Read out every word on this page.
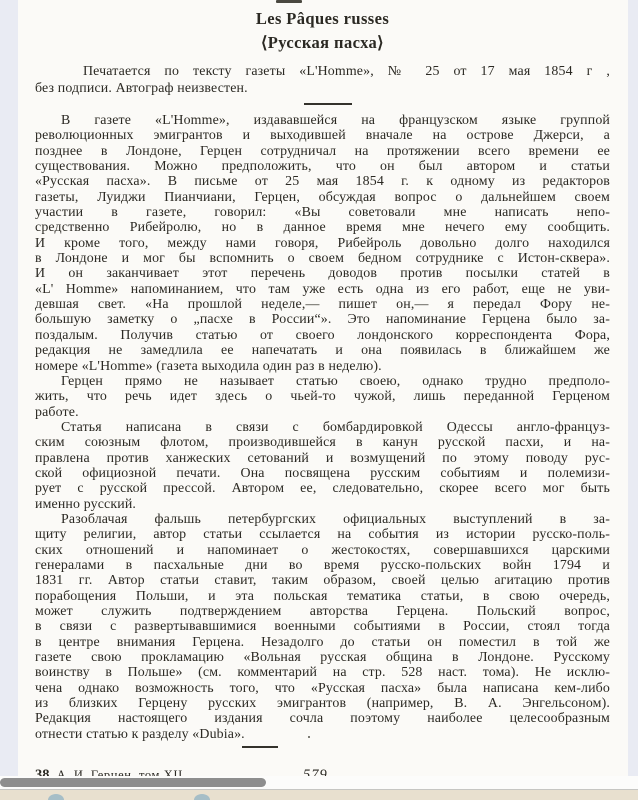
Les Pâques russes
⟨Русская пасха⟩
Печатается по тексту газеты «L'Homme», № 25 от 17 мая 1854 г ,
без подписи. Автограф неизвестен.

В газете «L'Homme», издававшейся на французском языке группой
революционных эмигрантов и выходившей вначале на острове Джерси, а
позднее в Лондоне, Герцен сотрудничал на протяжении всего времени ее
существования. Можно предположить, что он был автором и статьи
«Русская пасха». В письме от 25 мая 1854 г. к одному из редакторов
газеты, Луиджи Пианчиани, Герцен, обсуждая вопрос о дальнейшем своем
участии в газете, говорил: «Вы советовали мне написать непо-
средственно Рибейролю, но в данное время мне нечего ему сообщить.
И кроме того, между нами говоря, Рибейроль довольно долго находился
в Лондоне и мог бы вспомнить о своем бедном сотруднике с Истон-сквера».
И он заканчивает этот перечень доводов против посылки статей в
«L' Homme» напоминанием, что там уже есть одна из его работ, еще не уви-
девшая свет. «На прошлой неделе,— пишет он,— я передал Фору не-
большую заметку о „пасхе в России“». Это напоминание Герцена было за-
поздалым. Получив статью от своего лондонского корреспондента Фора,
редакция не замедлила ее напечатать и она появилась в ближайшем же
номере «L'Homme» (газета выходила один раз в неделю).

Герцен прямо не называет статью своею, однако трудно предполо-
жить, что речь идет здесь о чьей-то чужой, лишь переданной Герценом
работе.

Статья написана в связи с бомбардировкой Одессы англо-француз-
ским союзным флотом, производившейся в канун русской пасхи, и на-
правлена против ханжеских сетований и возмущений по этому поводу рус-
ской официозной печати. Она посвящена русским событиям и полемизи-
рует с русской прессой. Автором ее, следовательно, скорее всего мог быть
именно русский.

Разоблачая фальшь петербургских официальных выступлений в за-
щиту религии, автор статьи ссылается на события из истории русско-поль-
ских отношений и напоминает о жестокостях, совершавшихся царскими
генералами в пасхальные дни во время русско-польских войн 1794 и
1831 гг. Автор статьи ставит, таким образом, своей целью агитацию против
порабощения Польши, и эта польская тематика статьи, в свою очередь,
может служить подтверждением авторства Герцена. Польский вопрос,
в связи с развертывавшимися военными событиями в России, стоял тогда
в центре внимания Герцена. Незадолго до статьи он поместил в той же
газете свою прокламацию «Вольная русская община в Лондоне. Русскому
воинству в Польше» (см. комментарий на стр. 528 наст. тома). Не исклю-
чена однако возможность того, что «Русская пасха» была написана кем-либо
из близких Герцену русских эмигрантов (например, В. А. Энгельсоном).
Редакция настоящего издания сочла поэтому наиболее целесообразным
отнести статью к разделу «Dubia».
